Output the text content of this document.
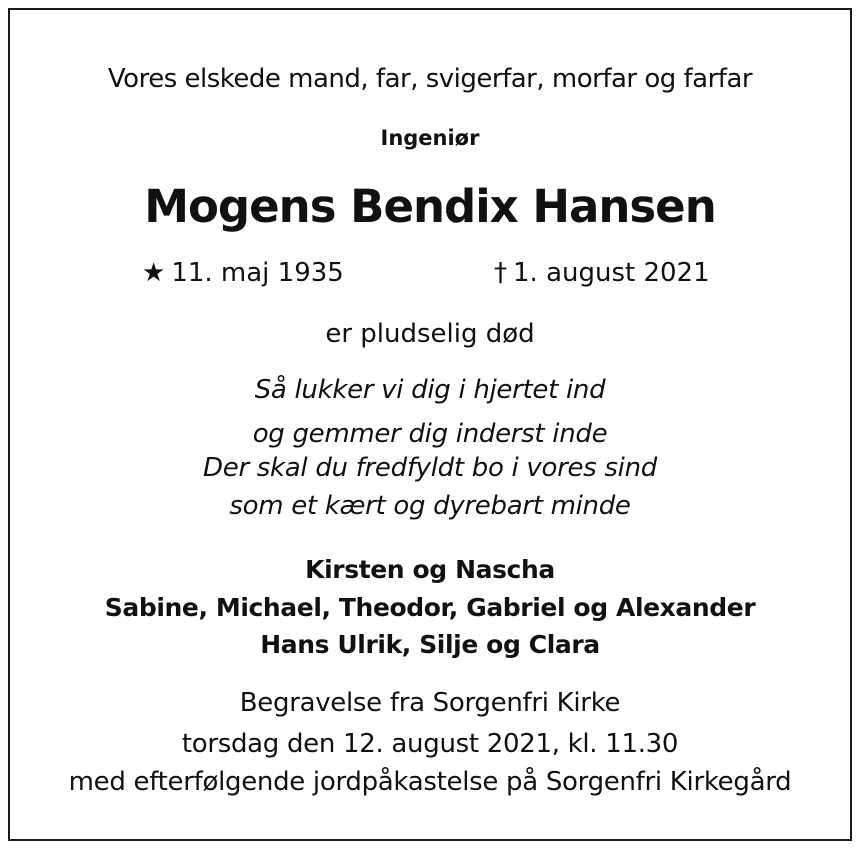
Vores elskede mand, far, svigerfar, morfar og farfar
Ingeniør
Mogens Bendix Hansen
★ 11. maj 1935	† 1. august 2021
er pludselig død
Så lukker vi dig i hjertet ind
og gemmer dig inderst inde
Der skal du fredfyldt bo i vores sind
som et kært og dyrebart minde
Kirsten og Nascha
Sabine, Michael, Theodor, Gabriel og Alexander
Hans Ulrik, Silje og Clara
Begravelse fra Sorgenfri Kirke
torsdag den 12. august 2021, kl. 11.30
med efterfølgende jordpåkastelse på Sorgenfri Kirkegård
